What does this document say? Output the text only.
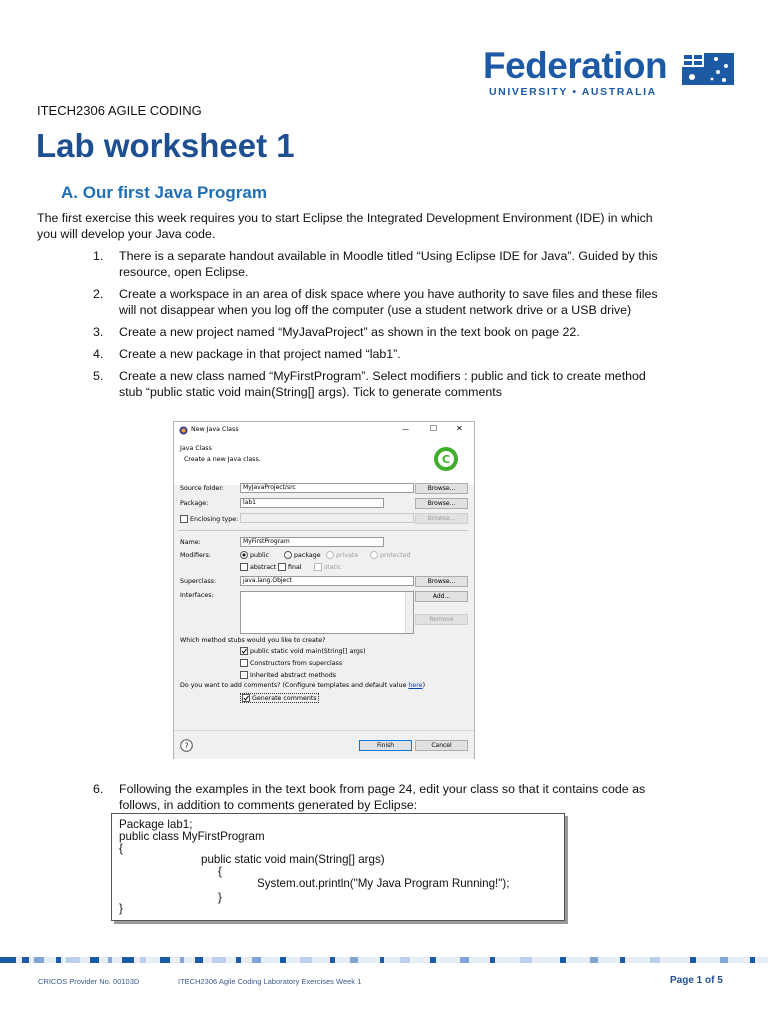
Federation
UNIVERSITY • AUSTRALIA
ITECH2306 AGILE CODING
Lab worksheet 1
A. Our first Java Program
The first exercise this week requires you to start Eclipse the Integrated Development Environment (IDE) in which you will develop your Java code.
1. There is a separate handout available in Moodle titled “Using Eclipse IDE for Java”. Guided by this resource, open Eclipse.
2. Create a workspace in an area of disk space where you have authority to save files and these files will not disappear when you log off the computer (use a student network drive or a USB drive)
3. Create a new project named “MyJavaProject” as shown in the text book on page 22.
4. Create a new package in that project named “lab1”.
5. Create a new class named “MyFirstProgram”. Select modifiers : public and tick to create method stub “public static void main(String[] args). Tick to generate comments
New Java Class	—	☐ ✕
Java Class
Create a new Java class.	C
Source folder:	MyJavaProject/src	Browse...
Package:	lab1	Browse...
Enclosing type:	Browse...
Name:	MyFirstProgram
Modifiers:	public	package	private	protected
abstract	final	static
Superclass:	java.lang.Object	Browse...
Interfaces:	Add...
Remove
Which method stubs would you like to create?
public static void main(String[] args)
Constructors from superclass
Inherited abstract methods
Do you want to add comments? (Configure templates and default value here)
Generate comments
?	Finish	Cancel
6. Following the examples in the text book from page 24, edit your class so that it contains code as follows, in addition to comments generated by Eclipse:
Package lab1;
public class MyFirstProgram
{
public static void main(String[] args)
{
System.out.println("My Java Program Running!");
}
}
CRICOS Provider No. 00103D	ITECH2306 Agile Coding Laboratory Exercises Week 1	Page 1 of 5
